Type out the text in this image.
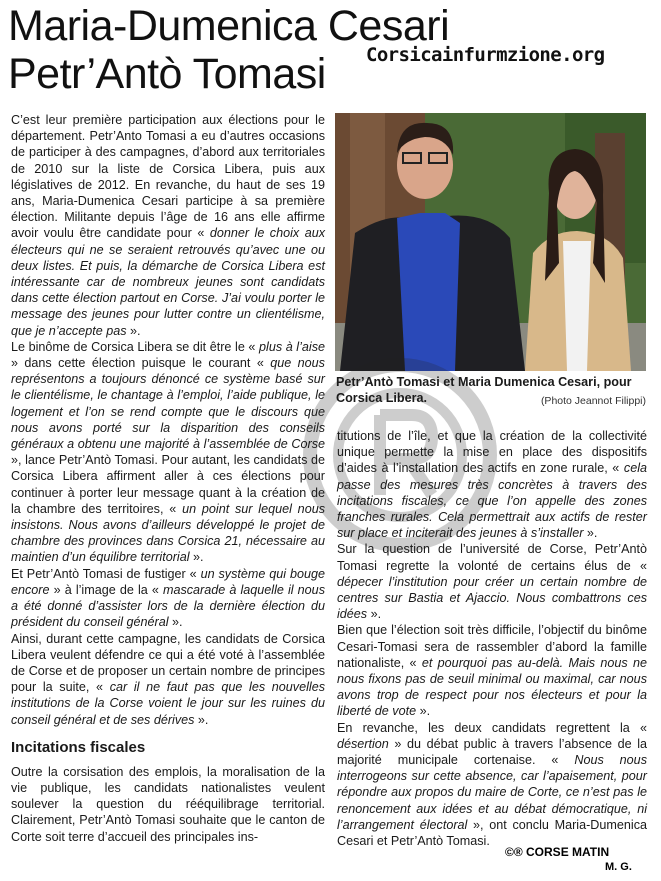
Maria-Dumenica Cesari
Petr’Antò Tomasi	Corsicainfurmzione.org

C’est leur première participation aux élections pour le département. Petr’Anto Tomasi a eu d’autres occasions de participer à des campagnes, d’abord aux territoriales de 2010 sur la liste de Corsica Libera, puis aux législatives de 2012. En revanche, du haut de ses 19 ans, Maria-Dumenica Cesari participe à sa première élection. Militante depuis l’âge de 16 ans elle affirme avoir voulu être candidate pour « donner le choix aux électeurs qui ne se seraient retrouvés qu’avec une ou deux listes. Et puis, la démarche de Corsica Libera est intéressante car de nombreux jeunes sont candidats dans cette élection partout en Corse. J’ai voulu porter le message des jeunes pour lutter contre un clientélisme, que je n’accepte pas ».

Le binôme de Corsica Libera se dit être le « plus à l’aise » dans cette élection puisque le courant « que nous représentons a toujours dénoncé ce système basé sur le clientélisme, le chantage à l’emploi, l’aide publique, le logement et l’on se rend compte que le discours que nous avons porté sur la disparition des conseils généraux a obtenu une majorité à l’assemblée de Corse », lance Petr’Antò Tomasi. Pour autant, les candidats de Corsica Libera affirment aller à ces élections pour continuer à porter leur message quant à la création de la chambre des territoires, « un point sur lequel nous insistons. Nous avons d’ailleurs développé le projet de chambre des provinces dans Corsica 21, nécessaire au maintien d’un équilibre territorial ».

Et Petr’Antò Tomasi de fustiger « un système qui bouge encore » à l’image de la « mascarade à laquelle il nous a été donné d’assister lors de la dernière élection du président du conseil général ».

Ainsi, durant cette campagne, les candidats de Corsica Libera veulent défendre ce qui a été voté à l’assemblée de Corse et de proposer un certain nombre de principes pour la suite, « car il ne faut pas que les nouvelles institutions de la Corse voient le jour sur les ruines du conseil général et de ses dérives ».

Incitations fiscales

Outre la corsisation des emplois, la moralisation de la vie publique, les candidats nationalistes veulent soulever la question du rééquilibrage territorial. Clairement, Petr’Antò Tomasi souhaite que le canton de Corte soit terre d’accueil des principales ins-

Petr’Antò Tomasi et Maria Dumenica Cesari, pour Corsica Libera.	(Photo Jeannot Filippi)

titutions de l’île, et que la création de la collectivité unique permette la mise en place des dispositifs d’aides à l’installation des actifs en zone rurale, « cela passe des mesures très concrètes à travers des incitations fiscales, ce que l’on appelle des zones franches rurales. Cela permettrait aux actifs de rester sur place et inciterait des jeunes à s’installer ».

Sur la question de l’université de Corse, Petr’Antò Tomasi regrette la volonté de certains élus de « dépecer l’institution pour créer un certain nombre de centres sur Bastia et Ajaccio. Nous combattrons ces idées ».

Bien que l’élection soit très difficile, l’objectif du binôme Cesari-Tomasi sera de rassembler d’abord la famille nationaliste, « et pourquoi pas au-delà. Mais nous ne nous fixons pas de seuil minimal ou maximal, car nous avons trop de respect pour nos électeurs et pour la liberté de vote ».

En revanche, les deux candidats regrettent la « désertion » du débat public à travers l’absence de la majorité municipale cortenaise. « Nous nous interrogeons sur cette absence, car l’apaisement, pour répondre aux propos du maire de Corte, ce n’est pas le renoncement aux idées et au débat démocratique, ni l’arrangement électoral », ont conclu Maria-Dumenica Cesari et Petr’Antò Tomasi.

©® CORSE MATIN
M. G.
